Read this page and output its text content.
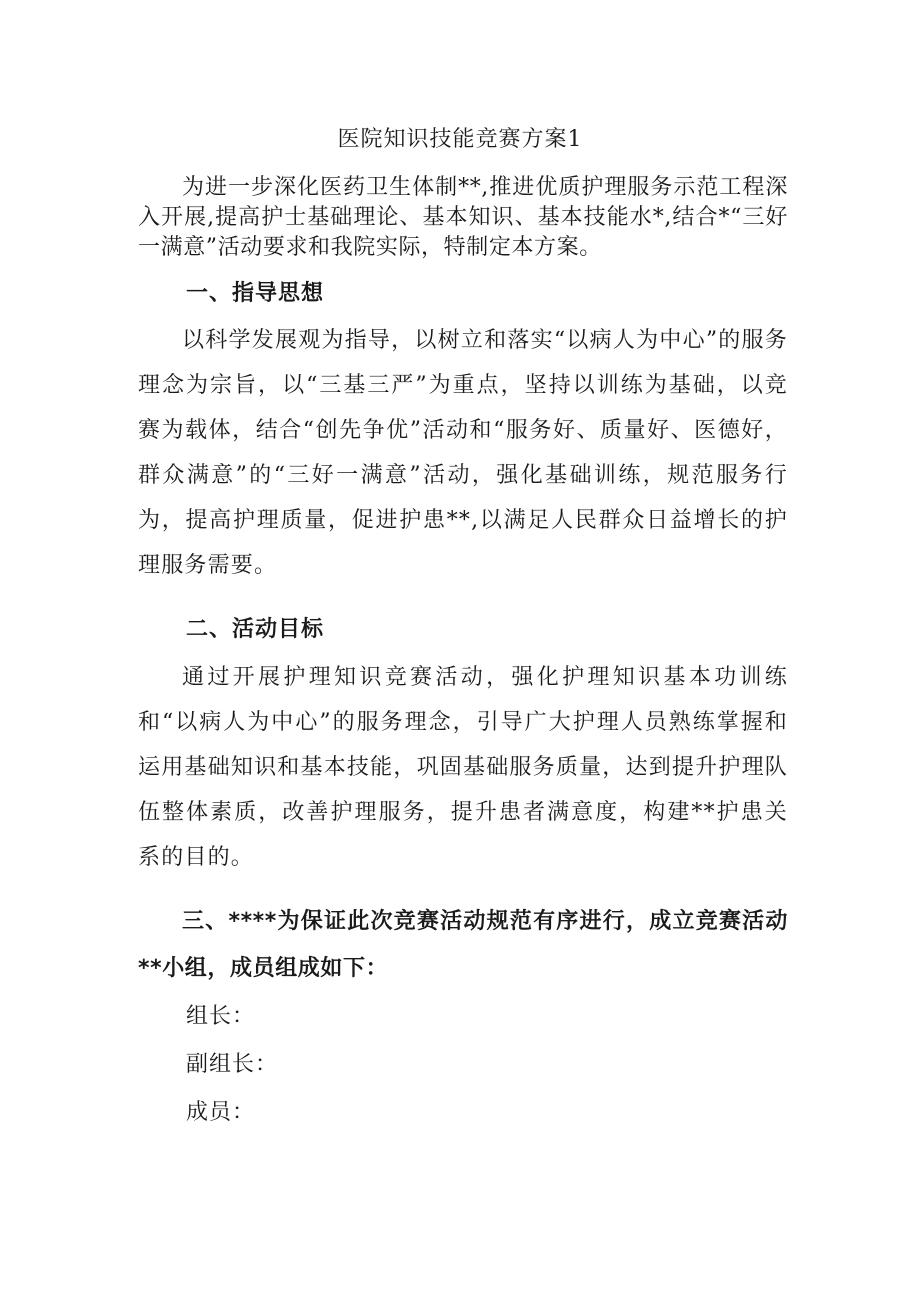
医院知识技能竞赛方案1

为进一步深化医药卫生体制**,推进优质护理服务示范工程深入开展,提高护士基础理论、基本知识、基本技能水*,结合*“三好一满意”活动要求和我院实际，特制定本方案。

一、指导思想

以科学发展观为指导，以树立和落实“以病人为中心”的服务理念为宗旨，以“三基三严”为重点，坚持以训练为基础，以竞赛为载体，结合“创先争优”活动和“服务好、质量好、医德好，群众满意”的“三好一满意”活动，强化基础训练，规范服务行为，提高护理质量，促进护患**,以满足人民群众日益增长的护理服务需要。

二、活动目标

通过开展护理知识竞赛活动，强化护理知识基本功训练和“以病人为中心”的服务理念，引导广大护理人员熟练掌握和运用基础知识和基本技能，巩固基础服务质量，达到提升护理队伍整体素质，改善护理服务，提升患者满意度，构建**护患关系的目的。

三、****为保证此次竞赛活动规范有序进行，成立竞赛活动**小组，成员组成如下：

组长：

副组长：

成员：
